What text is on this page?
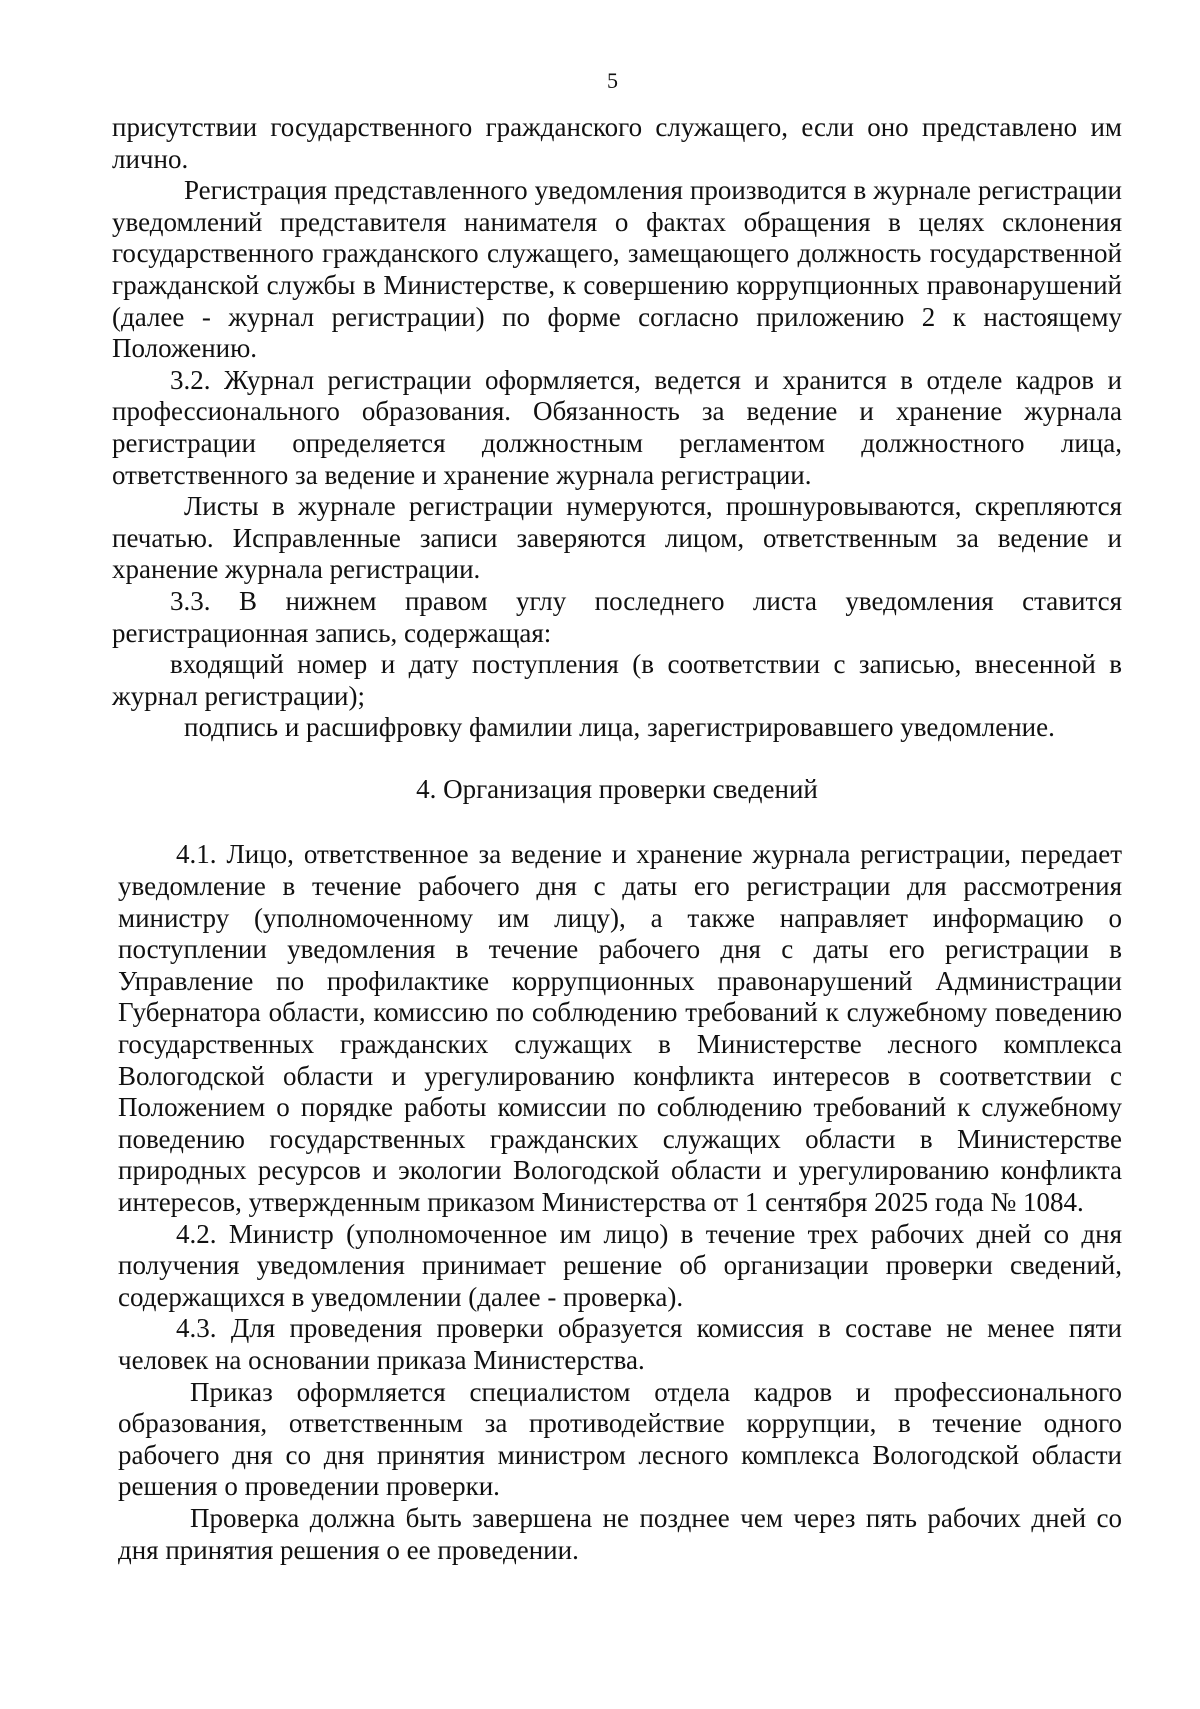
5

присутствии государственного гражданского служащего, если оно представлено им лично.

Регистрация представленного уведомления производится в журнале регистрации уведомлений представителя нанимателя о фактах обращения в целях склонения государственного гражданского служащего, замещающего должность государственной гражданской службы в Министерстве, к совершению коррупционных правонарушений (далее - журнал регистрации) по форме согласно приложению 2 к настоящему Положению.

3.2. Журнал регистрации оформляется, ведется и хранится в отделе кадров и профессионального образования. Обязанность за ведение и хранение журнала регистрации определяется должностным регламентом должностного лица, ответственного за ведение и хранение журнала регистрации.

Листы в журнале регистрации нумеруются, прошнуровываются, скрепляются печатью. Исправленные записи заверяются лицом, ответственным за ведение и хранение журнала регистрации.

3.3. В нижнем правом углу последнего листа уведомления ставится регистрационная запись, содержащая:

входящий номер и дату поступления (в соответствии с записью, внесенной в журнал регистрации);

подпись и расшифровку фамилии лица, зарегистрировавшего уведомление.

4. Организация проверки сведений

4.1. Лицо, ответственное за ведение и хранение журнала регистрации, передает уведомление в течение рабочего дня с даты его регистрации для рассмотрения министру (уполномоченному им лицу), а также направляет информацию о поступлении уведомления в течение рабочего дня с даты его регистрации в Управление по профилактике коррупционных правонарушений Администрации Губернатора области, комиссию по соблюдению требований к служебному поведению государственных гражданских служащих в Министерстве лесного комплекса Вологодской области и урегулированию конфликта интересов в соответствии с Положением о порядке работы комиссии по соблюдению требований к служебному поведению государственных гражданских служащих области в Министерстве природных ресурсов и экологии Вологодской области и урегулированию конфликта интересов, утвержденным приказом Министерства от 1 сентября 2025 года № 1084.

4.2. Министр (уполномоченное им лицо) в течение трех рабочих дней со дня получения уведомления принимает решение об организации проверки сведений, содержащихся в уведомлении (далее - проверка).

4.3. Для проведения проверки образуется комиссия в составе не менее пяти человек на основании приказа Министерства.

Приказ оформляется специалистом отдела кадров и профессионального образования, ответственным за противодействие коррупции, в течение одного рабочего дня со дня принятия министром лесного комплекса Вологодской области решения о проведении проверки.

Проверка должна быть завершена не позднее чем через пять рабочих дней со дня принятия решения о ее проведении.
